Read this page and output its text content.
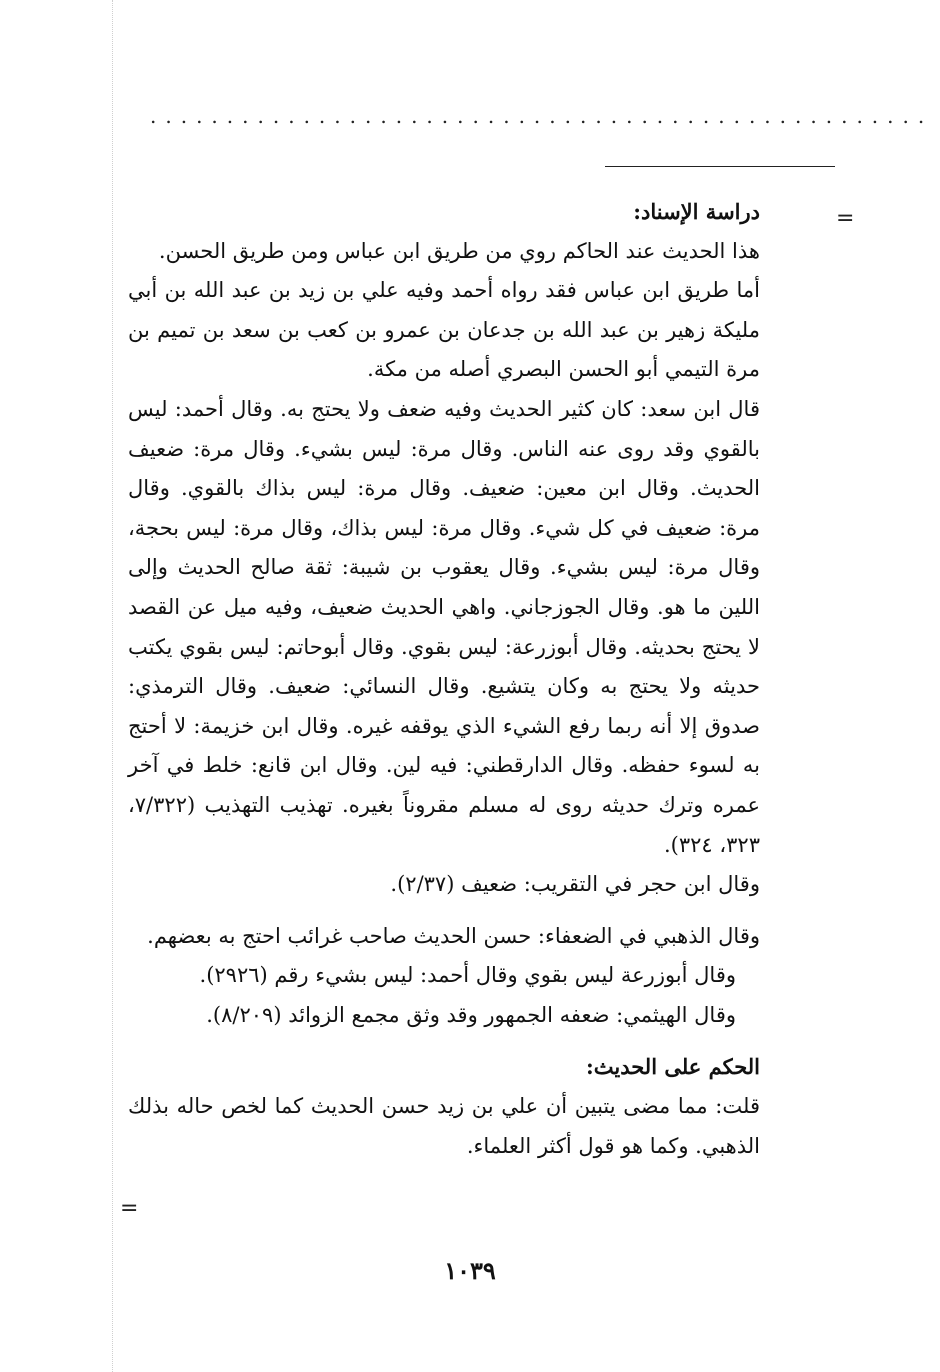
...................................................
=
=

دراسة الإسناد:

هذا الحديث عند الحاكم روي من طريق ابن عباس ومن طريق الحسن.

أما طريق ابن عباس فقد رواه أحمد وفيه علي بن زيد بن عبد الله بن أبي مليكة زهير بن عبد الله بن جدعان بن عمرو بن كعب بن سعد بن تميم بن مرة التيمي أبو الحسن البصري أصله من مكة.

قال ابن سعد: كان كثير الحديث وفيه ضعف ولا يحتج به. وقال أحمد: ليس بالقوي وقد روى عنه الناس. وقال مرة: ليس بشيء. وقال مرة: ضعيف الحديث. وقال ابن معين: ضعيف. وقال مرة: ليس بذاك بالقوي. وقال مرة: ضعيف في كل شيء. وقال مرة: ليس بذاك، وقال مرة: ليس بحجة، وقال مرة: ليس بشيء. وقال يعقوب بن شيبة: ثقة صالح الحديث وإلى اللين ما هو. وقال الجوزجاني. واهي الحديث ضعيف، وفيه ميل عن القصد لا يحتج بحديثه. وقال أبوزرعة: ليس بقوي. وقال أبوحاتم: ليس بقوي يكتب حديثه ولا يحتج به وكان يتشيع. وقال النسائي: ضعيف. وقال الترمذي: صدوق إلا أنه ربما رفع الشيء الذي يوقفه غيره. وقال ابن خزيمة: لا أحتج به لسوء حفظه. وقال الدارقطني: فيه لين. وقال ابن قانع: خلط في آخر عمره وترك حديثه روى له مسلم مقروناً بغيره. تهذيب التهذيب (٧/٣٢٢، ٣٢٣، ٣٢٤).

وقال ابن حجر في التقريب: ضعيف (٢/٣٧).

وقال الذهبي في الضعفاء: حسن الحديث صاحب غرائب احتج به بعضهم.

وقال أبوزرعة ليس بقوي وقال أحمد: ليس بشيء رقم (٢٩٢٦).

وقال الهيثمي: ضعفه الجمهور وقد وثق مجمع الزوائد (٨/٢٠٩).

الحكم على الحديث:

قلت: مما مضى يتبين أن علي بن زيد حسن الحديث كما لخص حاله بذلك الذهبي. وكما هو قول أكثر العلماء.

١٠٣٩
